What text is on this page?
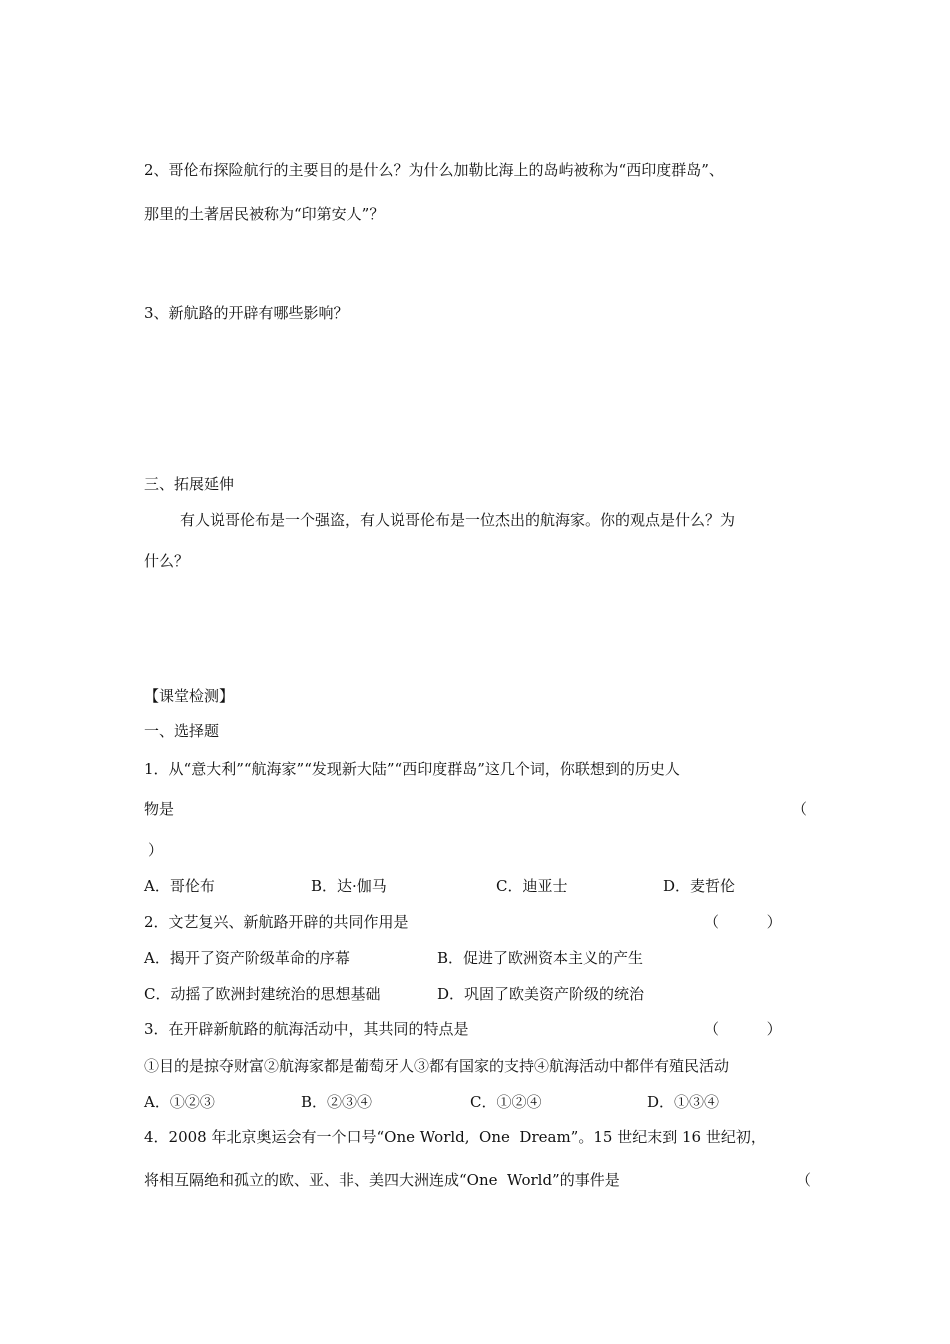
2、哥伦布探险航行的主要目的是什么？为什么加勒比海上的岛屿被称为“西印度群岛”、
那里的土著居民被称为“印第安人”？
3、新航路的开辟有哪些影响？
三、拓展延伸
有人说哥伦布是一个强盗，有人说哥伦布是一位杰出的航海家。你的观点是什么？为
什么？
【课堂检测】
一、选择题
1．从“意大利”“航海家”“发现新大陆”“西印度群岛”这几个词，你联想到的历史人
物是	（
）
A．哥伦布	B．达·伽马	C．迪亚士	D．麦哲伦
2．文艺复兴、新航路开辟的共同作用是	（          ）
A．揭开了资产阶级革命的序幕	B．促进了欧洲资本主义的产生
C．动摇了欧洲封建统治的思想基础	D．巩固了欧美资产阶级的统治
3．在开辟新航路的航海活动中，其共同的特点是	（          ）
①目的是掠夺财富②航海家都是葡萄牙人③都有国家的支持④航海活动中都伴有殖民活动
A．①②③	B．②③④	C．①②④	D．①③④
4．2008 年北京奥运会有一个口号“One World,  One  Dream”。15 世纪末到 16 世纪初，
将相互隔绝和孤立的欧、亚、非、美四大洲连成“One  World”的事件是	（
